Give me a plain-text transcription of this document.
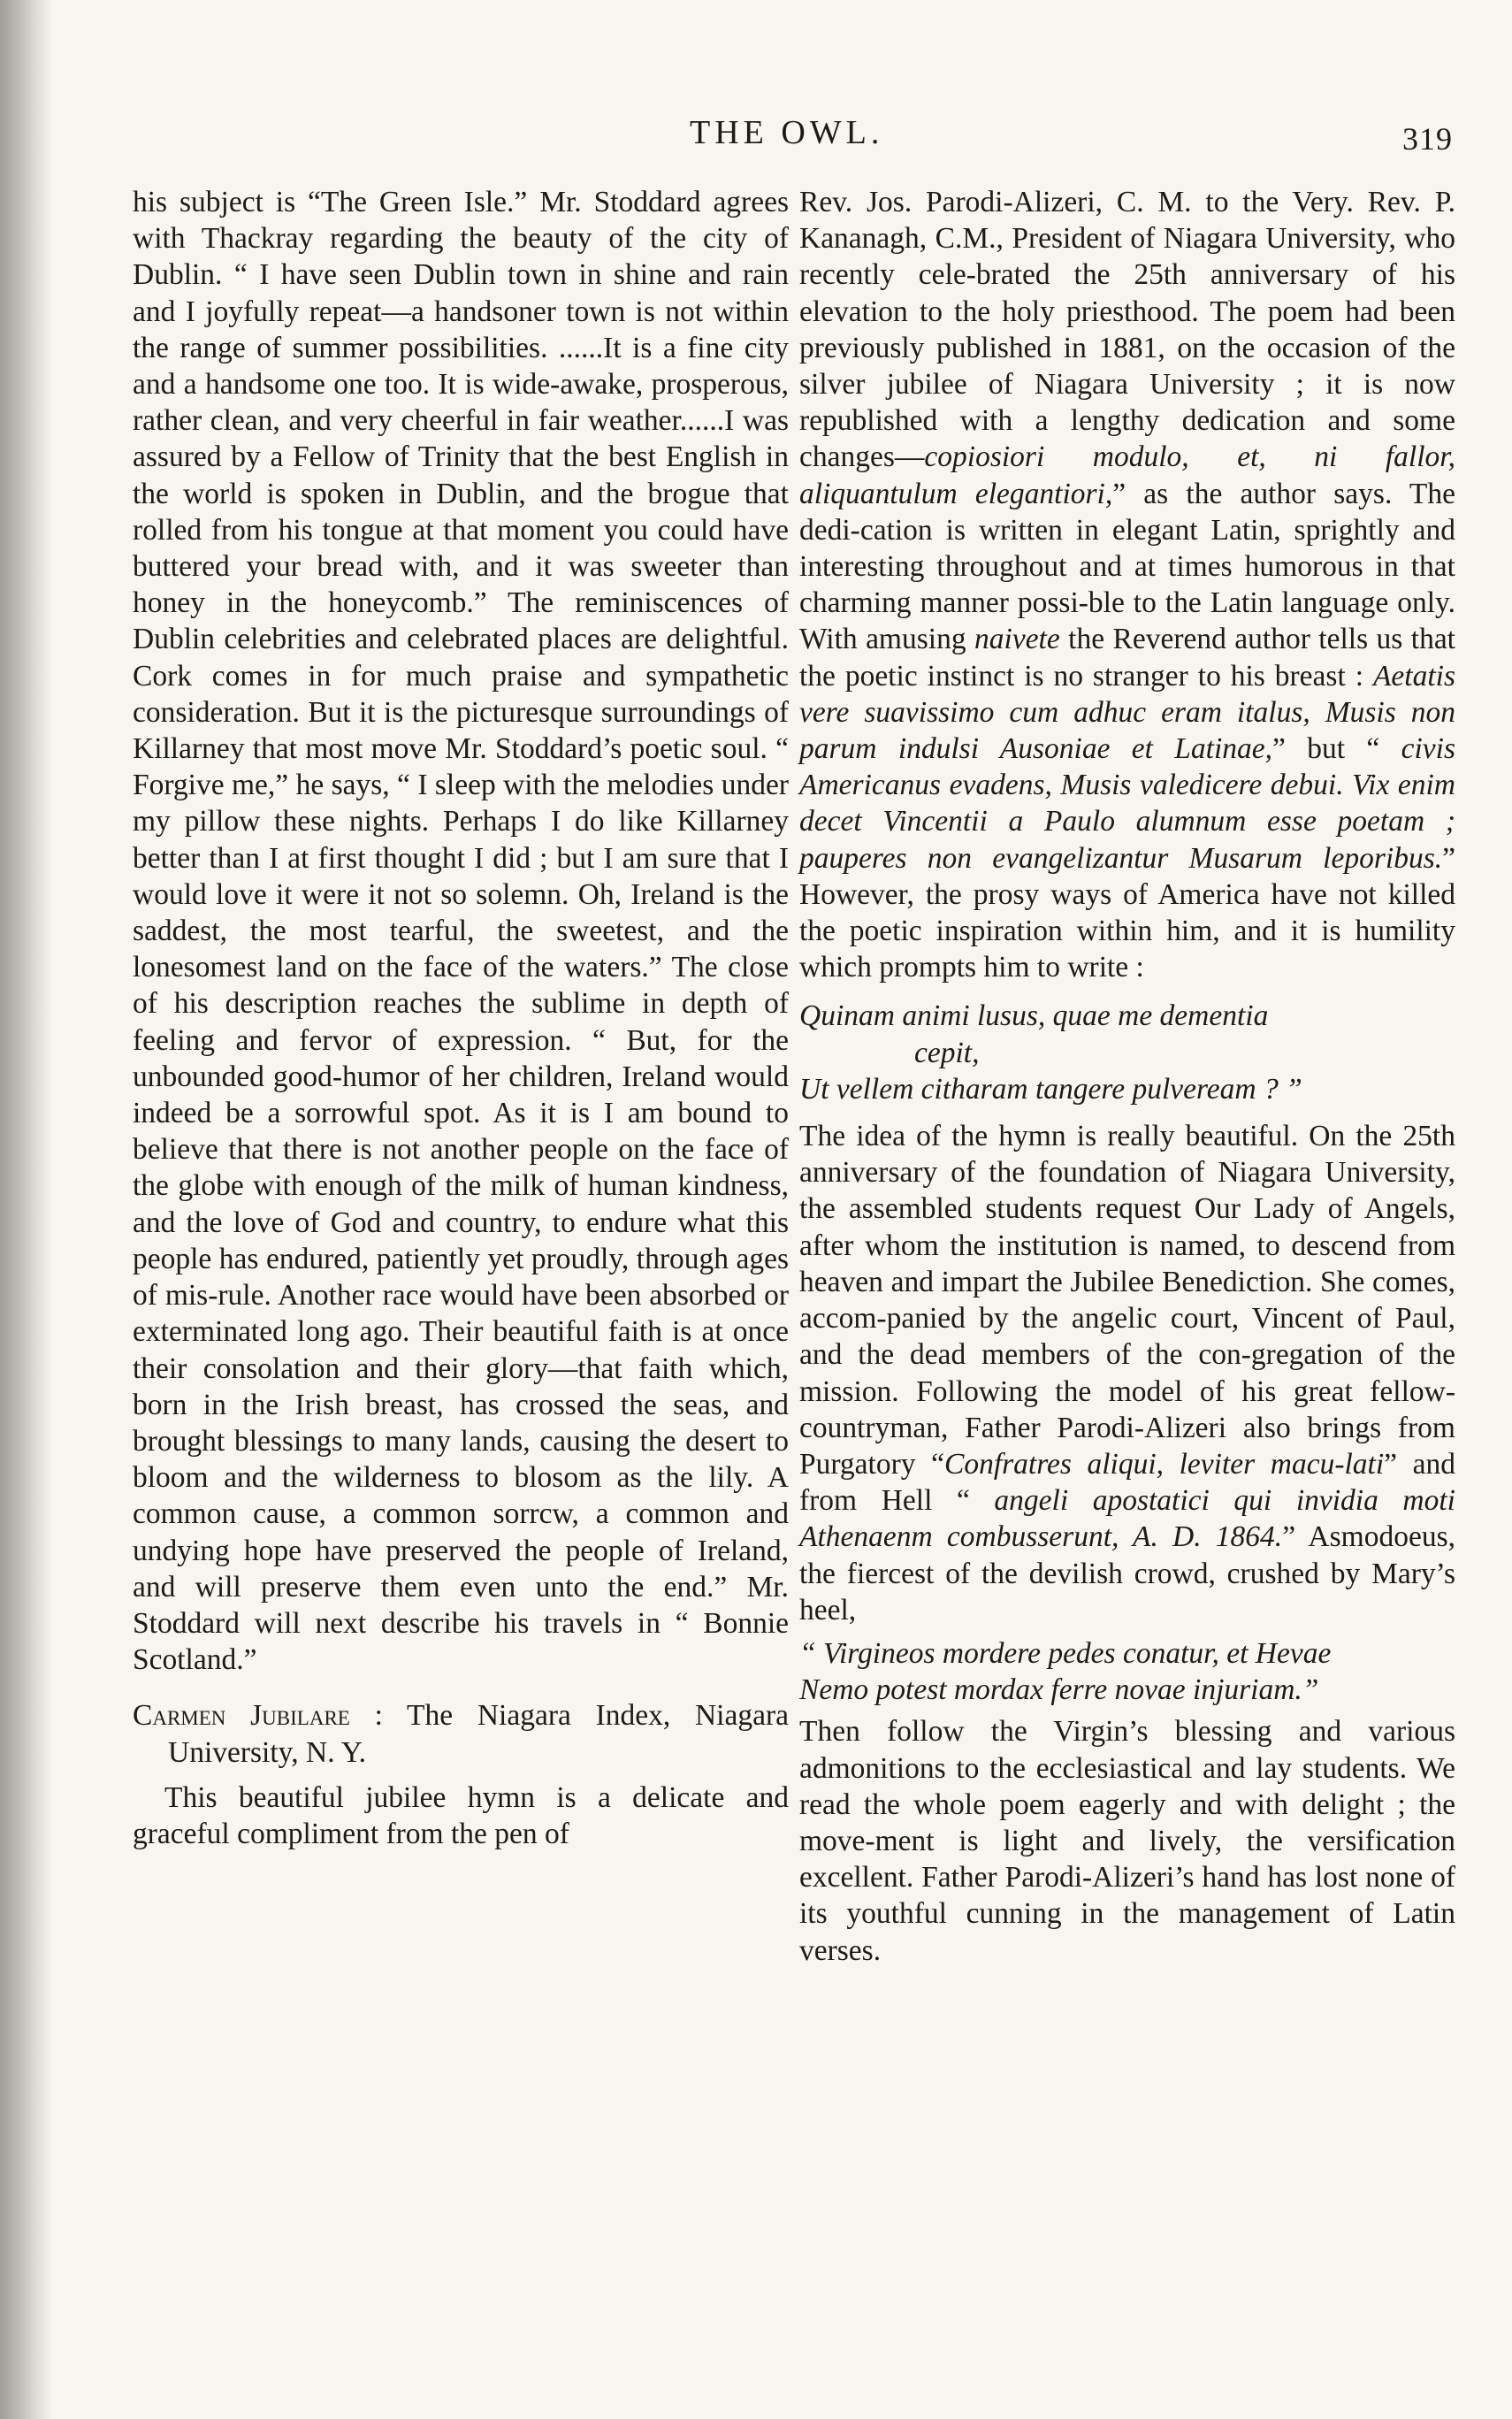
THE OWL.	319

his subject is “The Green Isle.” Mr. Stoddard agrees with Thackray regarding the beauty of the city of Dublin. “ I have seen Dublin town in shine and rain and I joyfully repeat—a handsoner town is not within the range of summer possibilities. ......It is a fine city and a handsome one too. It is wide-awake, prosperous, rather clean, and very cheerful in fair weather......I was assured by a Fellow of Trinity that the best English in the world is spoken in Dublin, and the brogue that rolled from his tongue at that moment you could have buttered your bread with, and it was sweeter than honey in the honeycomb.” The reminiscences of Dublin celebrities and celebrated places are delightful. Cork comes in for much praise and sympathetic consideration. But it is the picturesque surroundings of Killarney that most move Mr. Stoddard’s poetic soul. “ Forgive me,” he says, “ I sleep with the melodies under my pillow these nights. Perhaps I do like Killarney better than I at first thought I did ; but I am sure that I would love it were it not so solemn. Oh, Ireland is the saddest, the most tearful, the sweetest, and the lonesomest land on the face of the waters.” The close of his description reaches the sublime in depth of feeling and fervor of expression. “ But, for the unbounded good-humor of her children, Ireland would indeed be a sorrowful spot. As it is I am bound to believe that there is not another people on the face of the globe with enough of the milk of human kindness, and the love of God and country, to endure what this people has endured, patiently yet proudly, through ages of mis-rule. Another race would have been absorbed or exterminated long ago. Their beautiful faith is at once their consolation and their glory—that faith which, born in the Irish breast, has crossed the seas, and brought blessings to many lands, causing the desert to bloom and the wilderness to blosom as the lily. A common cause, a common sorrcw, a common and undying hope have preserved the people of Ireland, and will preserve them even unto the end.” Mr. Stoddard will next describe his travels in “ Bonnie Scotland.”

Carmen Jubilare : The Niagara Index, Niagara University, N. Y.

This beautiful jubilee hymn is a delicate and graceful compliment from the pen of

Rev. Jos. Parodi-Alizeri, C. M. to the Very. Rev. P. Kananagh, C.M., President of Niagara University, who recently cele-brated the 25th anniversary of his elevation to the holy priesthood. The poem had been previously published in 1881, on the occasion of the silver jubilee of Niagara University ; it is now republished with a lengthy dedication and some changes—copiosiori modulo, et, ni fallor, aliquantulum elegantiori,” as the author says. The dedi-cation is written in elegant Latin, sprightly and interesting throughout and at times humorous in that charming manner possi-ble to the Latin language only. With amusing naivete the Reverend author tells us that the poetic instinct is no stranger to his breast : Aetatis vere suavissimo cum adhuc eram italus, Musis non parum indulsi Ausoniae et Latinae,” but “ civis Americanus evadens, Musis valedicere debui. Vix enim decet Vincentii a Paulo alumnum esse poetam ; pauperes non evangelizantur Musarum leporibus.” However, the prosy ways of America have not killed the poetic inspiration within him, and it is humility which prompts him to write :

Quinam animi lusus, quae me dementia
cepit,
Ut vellem citharam tangere pulveream ? ”

The idea of the hymn is really beautiful. On the 25th anniversary of the foundation of Niagara University, the assembled students request Our Lady of Angels, after whom the institution is named, to descend from heaven and impart the Jubilee Benediction. She comes, accom-panied by the angelic court, Vincent of Paul, and the dead members of the con-gregation of the mission. Following the model of his great fellow-countryman, Father Parodi-Alizeri also brings from Purgatory “Confratres aliqui, leviter macu-lati” and from Hell “ angeli apostatici qui invidia moti Athenaenm combusserunt, A. D. 1864.” Asmodoeus, the fiercest of the devilish crowd, crushed by Mary’s heel,

“ Virgineos mordere pedes conatur, et Hevae
Nemo potest mordax ferre novae injuriam.”

Then follow the Virgin’s blessing and various admonitions to the ecclesiastical and lay students. We read the whole poem eagerly and with delight ; the move-ment is light and lively, the versification excellent. Father Parodi-Alizeri’s hand has lost none of its youthful cunning in the management of Latin verses.
